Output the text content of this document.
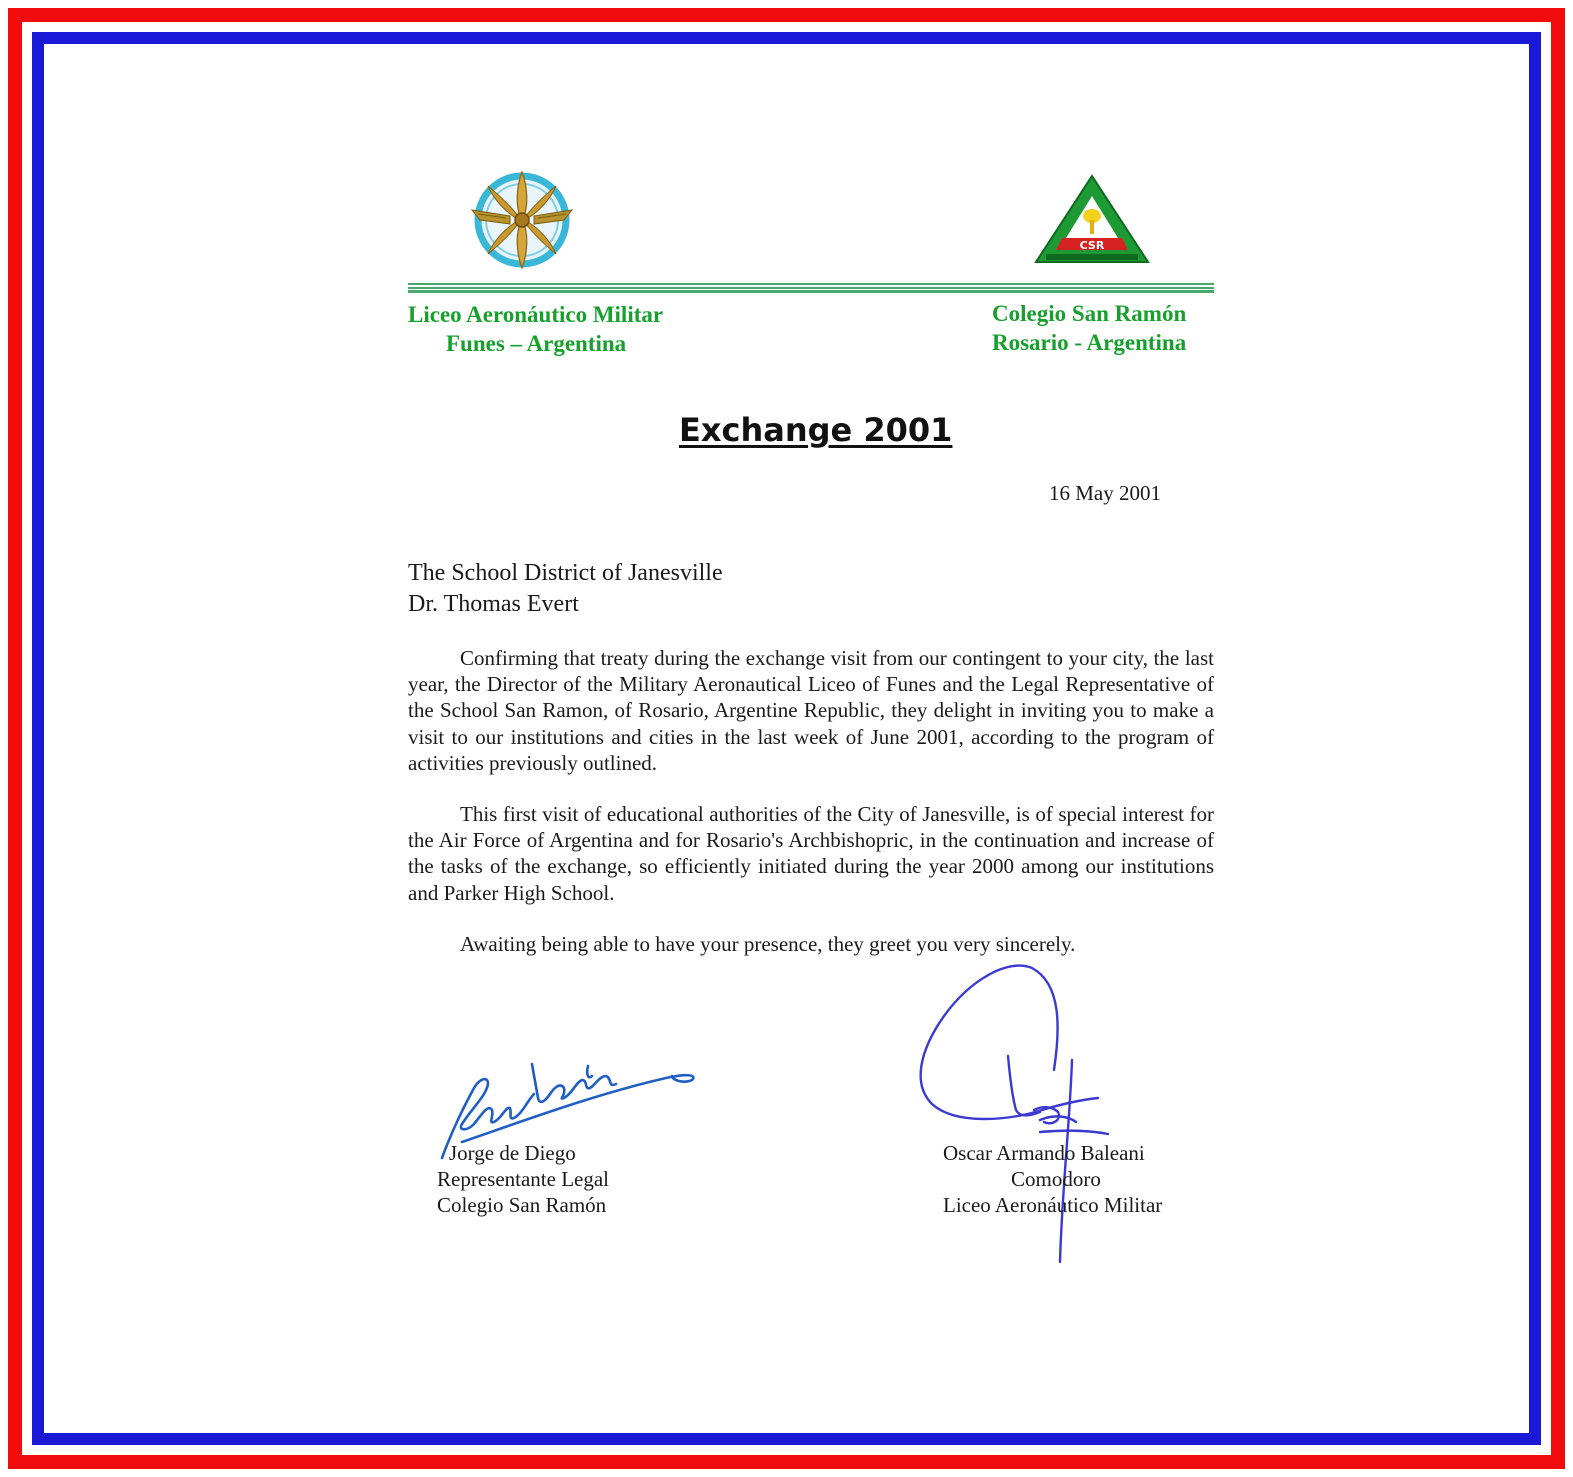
CSR
Liceo Aeronáutico Militar
Funes – Argentina
Colegio San Ramón
Rosario - Argentina
Exchange 2001
16 May 2001
The School District of Janesville
Dr. Thomas Evert

Confirming that treaty during the exchange visit from our contingent to your city, the last year, the Director of the Military Aeronautical Liceo of Funes and the Legal Representative of the School San Ramon, of Rosario, Argentine Republic, they delight in inviting you to make a visit to our institutions and cities in the last week of June 2001, according to the program of activities previously outlined.

This first visit of educational authorities of the City of Janesville, is of special interest for the Air Force of Argentina and for Rosario's Archbishopric, in the continuation and increase of the tasks of the exchange, so efficiently initiated during the year 2000 among our institutions and Parker High School.

Awaiting being able to have your presence, they greet you very sincerely.

Jorge de Diego
Representante Legal
Colegio San Ramón
Oscar Armando Baleani
Comodoro
Liceo Aeronáutico Militar
